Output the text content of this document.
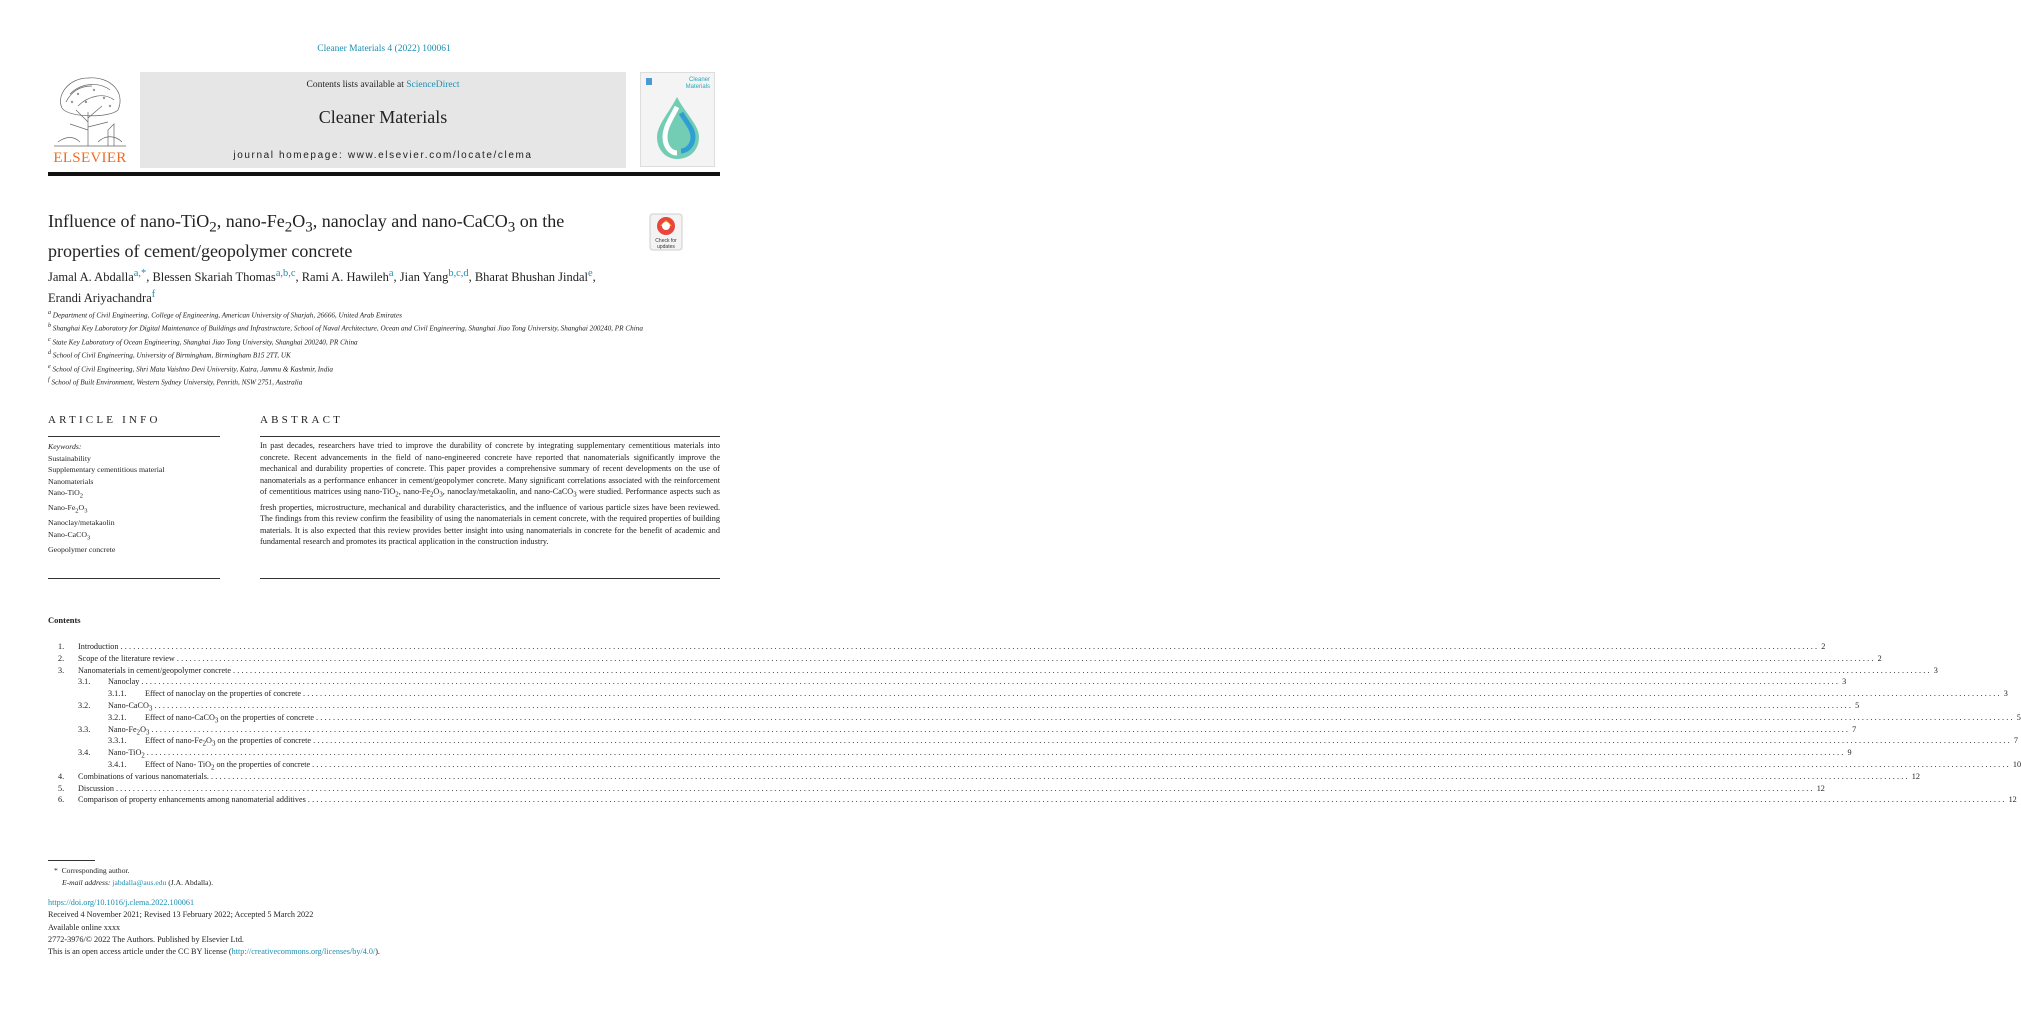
Cleaner Materials 4 (2022) 100061
ELSEVIER
Contents lists available at ScienceDirect
Cleaner Materials
journal homepage: www.elsevier.com/locate/clema
Cleaner
Materials
Influence of nano-TiO$_2$, nano-$Fe_2O_3$, nanoclay and nano-CaCO$_3$ on the properties of cement/geopolymer concrete	Check for
updates
Jamal A. Abdalla$^{a,*}$, Blessen Skariah Thomas$^{a,b,c}$, Rami A. Hawileh$^a$, Jian Yang$^{b,c,d}$, Bharat Bhushan Jindal$^e$,
Erandi Ariyachandra$^f$
$^a$ Department of Civil Engineering, College of Engineering, American University of Sharjah, 26666, United Arab Emirates
$^b$ Shanghai Key Laboratory for Digital Maintenance of Buildings and Infrastructure, School of Naval Architecture, Ocean and Civil Engineering, Shanghai Jiao Tong University, Shanghai 200240, PR China
$^c$ State Key Laboratory of Ocean Engineering, Shanghai Jiao Tong University, Shanghai 200240, PR China
$^d$ School of Civil Engineering, University of Birmingham, Birmingham B15 2TT, UK
$^e$ School of Civil Engineering, Shri Mata Vaishno Devi University, Katra, Jammu & Kashmir, India
$^f$ School of Built Environment, Western Sydney University, Penrith, NSW 2751, Australia
ARTICLE INFO	ABSTRACT
Keywords:
Sustainability
Supplementary cementitious material
Nanomaterials
Nano-TiO$_2$
Nano-$Fe_2O_3$
Nanoclay/metakaolin
Nano-CaCO$_3$
Geopolymer concrete
In past decades, researchers have tried to improve the durability of concrete by integrating supplementary cementitious materials into concrete. Recent advancements in the field of nano-engineered concrete have reported that nanomaterials significantly improve the mechanical and durability properties of concrete. This paper provides a comprehensive summary of recent developments on the use of nanomaterials as a performance enhancer in cement/geopolymer concrete. Many significant correlations associated with the reinforcement of cementitious matrices using nano-TiO$_2$, nano-$Fe_2O_3$, nanoclay/metakaolin, and nano-CaCO$_3$ were studied. Performance aspects such as fresh properties, microstructure, mechanical and durability characteristics, and the influence of various particle sizes have been reviewed. The findings from this review confirm the feasibility of using the nanomaterials in cement concrete, with the required properties of building materials. It is also expected that this review provides better insight into using nanomaterials in concrete for the benefit of academic and fundamental research and promotes its practical application in the construction industry.
Contents
1. Introduction ................................................................................................................................................................................................................................................................................................................................................................................................................ 2
2. Scope of the literature review ................................................................................................................................................................................................................................................................................................................................................................................................................ 2
3. Nanomaterials in cement/geopolymer concrete ................................................................................................................................................................................................................................................................................................................................................................................................................ 3
3.1. Nanoclay ................................................................................................................................................................................................................................................................................................................................................................................................................ 3
3.1.1. Effect of nanoclay on the properties of concrete ................................................................................................................................................................................................................................................................................................................................................................................................................ 3
3.2. Nano-CaCO$_3$ ................................................................................................................................................................................................................................................................................................................................................................................................................ 5
3.2.1. Effect of nano-CaCO$_3$ on the properties of concrete ................................................................................................................................................................................................................................................................................................................................................................................................................ 5
3.3. Nano-$Fe_2O_3$ ................................................................................................................................................................................................................................................................................................................................................................................................................ 7
3.3.1. Effect of nano-$Fe_2O_3$ on the properties of concrete ................................................................................................................................................................................................................................................................................................................................................................................................................ 7
3.4. Nano-TiO$_2$ ................................................................................................................................................................................................................................................................................................................................................................................................................ 9
3.4.1. Effect of Nano- TiO$_2$ on the properties of concrete ................................................................................................................................................................................................................................................................................................................................................................................................................ 10
4. Combinations of various nanomaterials. ................................................................................................................................................................................................................................................................................................................................................................................................................ 12
5. Discussion ................................................................................................................................................................................................................................................................................................................................................................................................................ 12
6. Comparison of property enhancements among nanomaterial additives ................................................................................................................................................................................................................................................................................................................................................................................................................ 12
* Corresponding author.
E-mail address: jabdalla@aus.edu (J.A. Abdalla).
https://doi.org/10.1016/j.clema.2022.100061
Received 4 November 2021; Revised 13 February 2022; Accepted 5 March 2022
Available online xxxx
2772-3976/© 2022 The Authors. Published by Elsevier Ltd.
This is an open access article under the CC BY license (http://creativecommons.org/licenses/by/4.0/).
